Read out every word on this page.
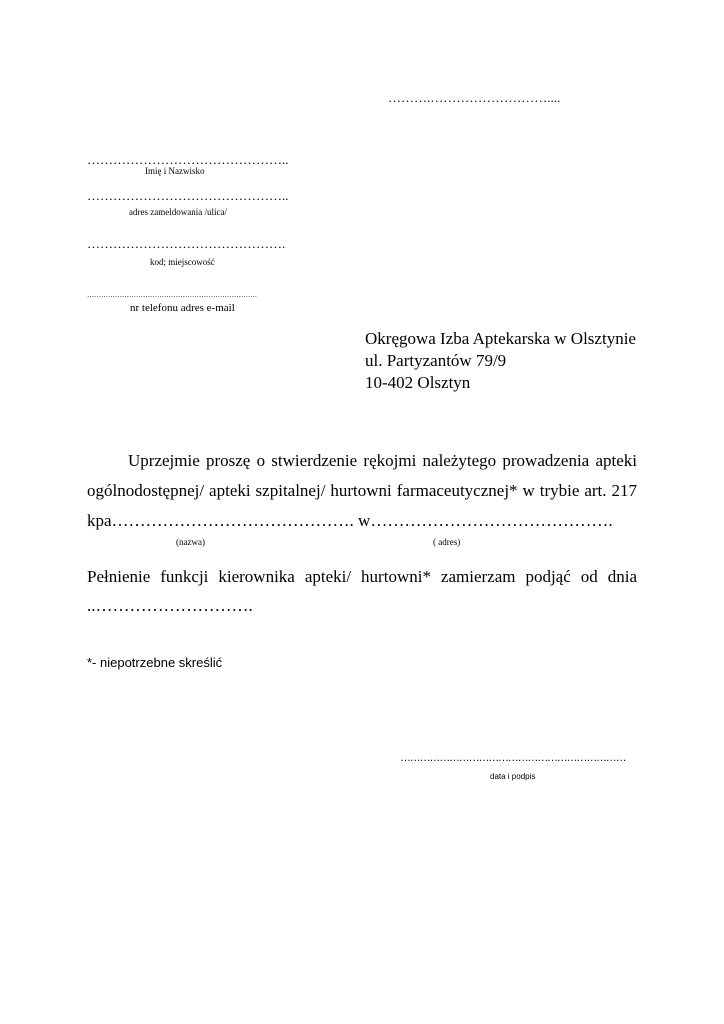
……….………………………....
………………………………………..
Imię i Nazwisko
………………………………………..
adres zameldowania /ulica/
……………………………………….
kod; miejscowość
……………………………………………………………….
nr telefonu adres e-mail
Okręgowa Izba Aptekarska w Olsztynie
ul. Partyzantów 79/9
10-402 Olsztyn
Uprzejmie proszę o stwierdzenie rękojmi należytego prowadzenia apteki
ogólnodostępnej/ apteki szpitalnej/ hurtowni farmaceutycznej* w trybie art. 217
kpa……………………………………. w…………………………………….
(nazwa)	( adres)
Pełnienie funkcji kierownika apteki/ hurtowni* zamierzam podjąć od dnia
..……………………….
*- niepotrzebne skreślić
……………………………………………………………
data i podpis
